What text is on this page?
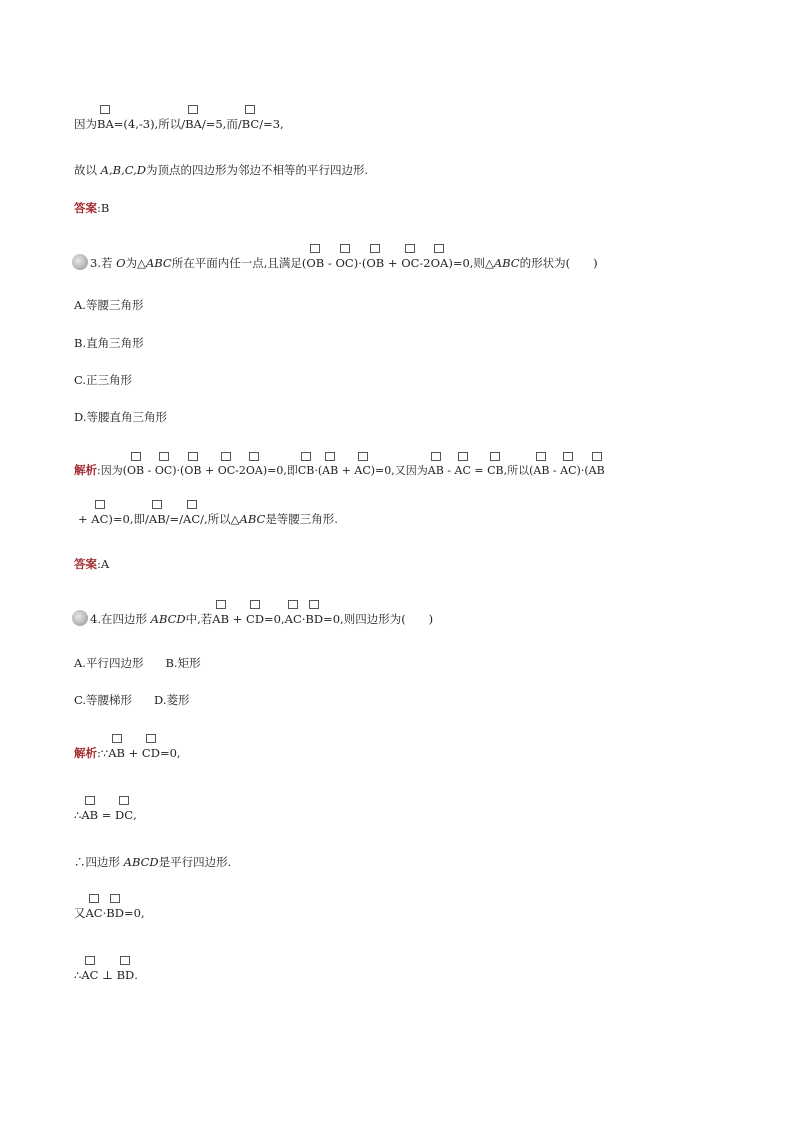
因为BA=(4,-3),所以/BA/=5,而/BC/=3,
故以 A,B,C,D为顶点的四边形为邻边不相等的平行四边形.
答案:B
3.若 O为△ABC所在平面内任一点,且满足(OB - OC)·(OB + OC-2OA)=0,则△ABC的形状为(　　)
A.等腰三角形
B.直角三角形
C.正三角形
D.等腰直角三角形
解析:因为(OB - OC)·(OB + OC-2OA)=0,即CB·(AB + AC)=0,又因为AB - AC = CB,所以(AB - AC)·(AB
+ AC)=0,即/AB/=/AC/,所以△ABC是等腰三角形.
答案:A
4.在四边形 ABCD中,若AB + CD=0,AC·BD=0,则四边形为(　　)
A.平行四边形 B.矩形
C.等腰梯形 D.菱形
解析:∵AB + CD=0,
∴AB = DC,
∴四边形 ABCD是平行四边形.
又AC·BD=0,
∴AC ⊥ BD.
